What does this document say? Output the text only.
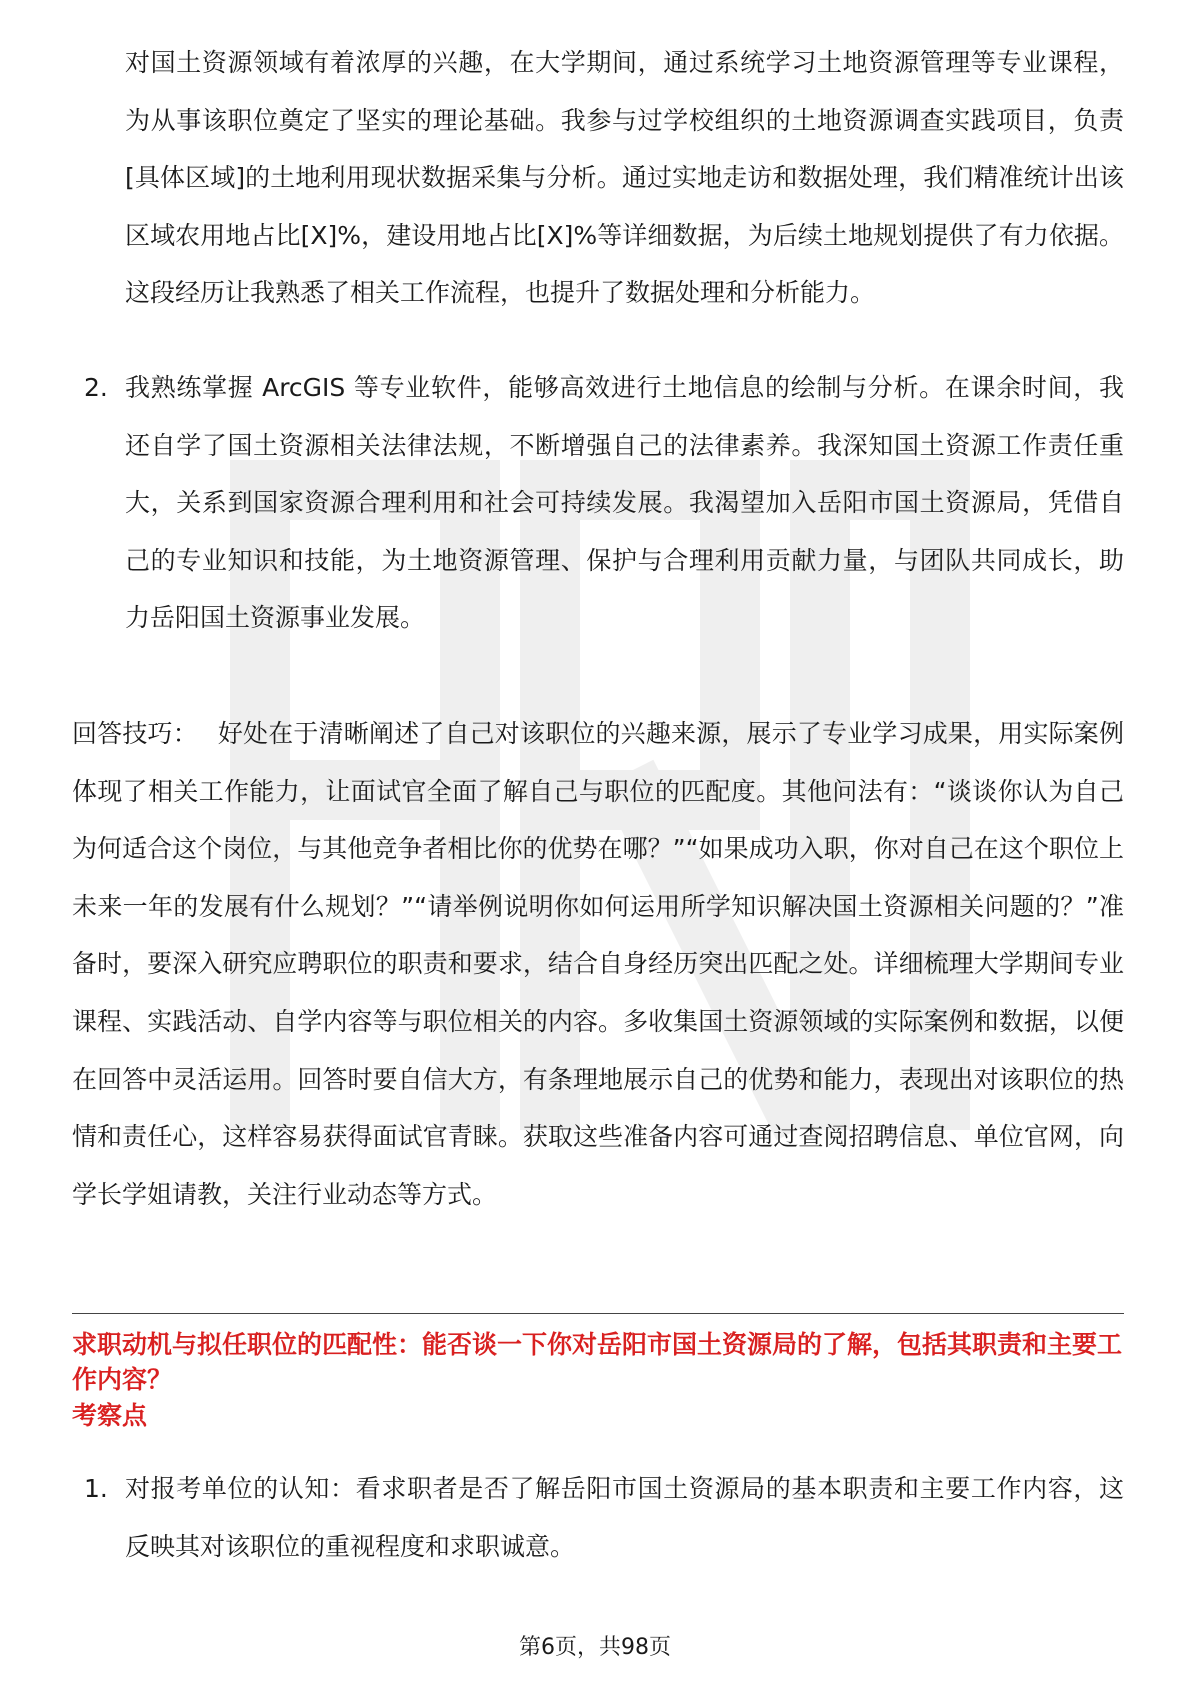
对国土资源领域有着浓厚的兴趣，在大学期间，通过系统学习土地资源管理等专业课程，为从事该职位奠定了坚实的理论基础。我参与过学校组织的土地资源调查实践项目，负责[具体区域]的土地利用现状数据采集与分析。通过实地走访和数据处理，我们精准统计出该区域农用地占比[X]%，建设用地占比[X]%等详细数据，为后续土地规划提供了有力依据。这段经历让我熟悉了相关工作流程，也提升了数据处理和分析能力。
2. 我熟练掌握 ArcGIS 等专业软件，能够高效进行土地信息的绘制与分析。在课余时间，我还自学了国土资源相关法律法规，不断增强自己的法律素养。我深知国土资源工作责任重大，关系到国家资源合理利用和社会可持续发展。我渴望加入岳阳市国土资源局，凭借自己的专业知识和技能，为土地资源管理、保护与合理利用贡献力量，与团队共同成长，助力岳阳国土资源事业发展。
回答技巧： 好处在于清晰阐述了自己对该职位的兴趣来源，展示了专业学习成果，用实际案例体现了相关工作能力，让面试官全面了解自己与职位的匹配度。其他问法有：“谈谈你认为自己为何适合这个岗位，与其他竞争者相比你的优势在哪？”“如果成功入职，你对自己在这个职位上未来一年的发展有什么规划？”“请举例说明你如何运用所学知识解决国土资源相关问题的？”准备时，要深入研究应聘职位的职责和要求，结合自身经历突出匹配之处。详细梳理大学期间专业课程、实践活动、自学内容等与职位相关的内容。多收集国土资源领域的实际案例和数据，以便在回答中灵活运用。回答时要自信大方，有条理地展示自己的优势和能力，表现出对该职位的热情和责任心，这样容易获得面试官青睐。获取这些准备内容可通过查阅招聘信息、单位官网，向学长学姐请教，关注行业动态等方式。
求职动机与拟任职位的匹配性：能否谈一下你对岳阳市国土资源局的了解，包括其职责和主要工作内容？
考察点
1. 对报考单位的认知：看求职者是否了解岳阳市国土资源局的基本职责和主要工作内容，这反映其对该职位的重视程度和求职诚意。
第6页，共98页
